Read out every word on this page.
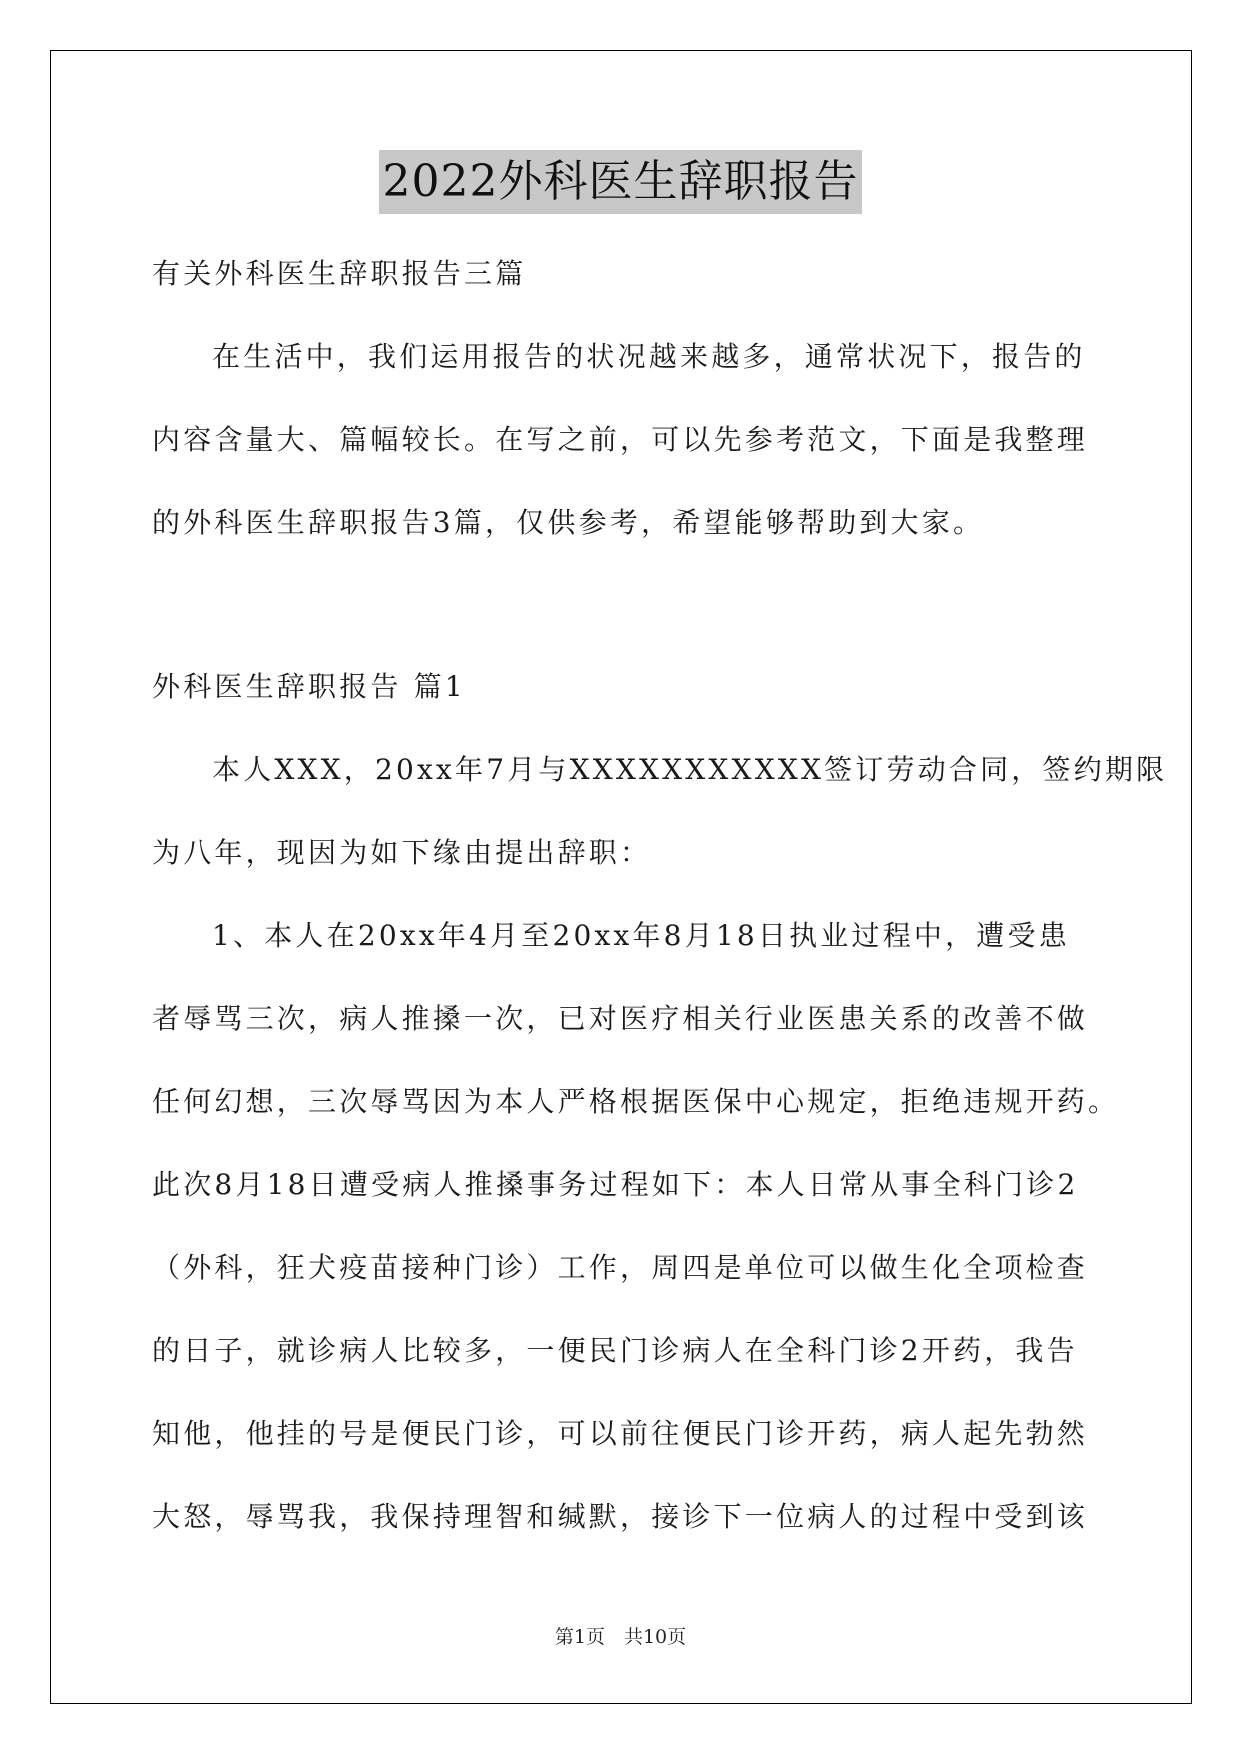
2022外科医生辞职报告
有关外科医生辞职报告三篇
在生活中，我们运用报告的状况越来越多，通常状况下，报告的
内容含量大、篇幅较长。在写之前，可以先参考范文，下面是我整理
的外科医生辞职报告3篇，仅供参考，希望能够帮助到大家。
外科医生辞职报告 篇1
本人XXX，20xx年7月与XXXXXXXXXXX签订劳动合同，签约期限
为八年，现因为如下缘由提出辞职：
1、本人在20xx年4月至20xx年8月18日执业过程中，遭受患
者辱骂三次，病人推搡一次，已对医疗相关行业医患关系的改善不做
任何幻想，三次辱骂因为本人严格根据医保中心规定，拒绝违规开药。
此次8月18日遭受病人推搡事务过程如下：本人日常从事全科门诊2
（外科，狂犬疫苗接种门诊）工作，周四是单位可以做生化全项检查
的日子，就诊病人比较多，一便民门诊病人在全科门诊2开药，我告
知他，他挂的号是便民门诊，可以前往便民门诊开药，病人起先勃然
大怒，辱骂我，我保持理智和缄默，接诊下一位病人的过程中受到该
第1页　共10页
